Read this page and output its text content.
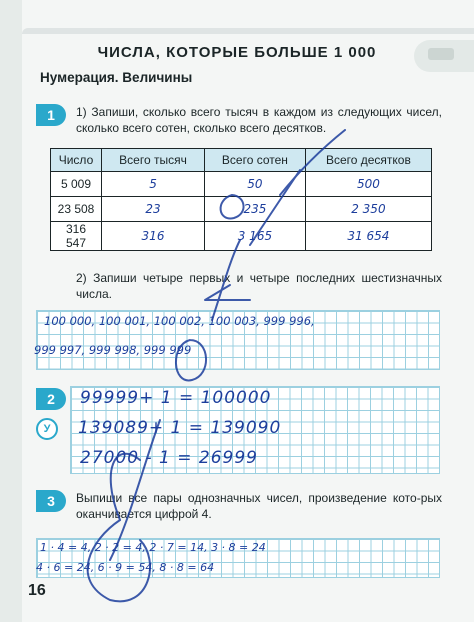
ЧИСЛА, КОТОРЫЕ БОЛЬШЕ 1 000
Нумерация. Величины
1	1) Запиши, сколько всего тысяч в каждом из следующих чисел, сколько всего сотен, сколько всего десятков.
Число	Всего тысяч	Всего сотен	Всего десятков
5 009	5	50	500
23 508	23	235	2 350
316 547	316	3 165	31 654
2) Запиши четыре первых и четыре последних шестизначных числа.
100 000, 100 001, 100 002, 100 003, 999 996,
999 997, 999 998, 999 999
2
У
99999+ 1 = 100000
139089+ 1 = 139090
27000 - 1 = 26999
3	Выпиши все пары однозначных чисел, произведение кото-рых оканчивается цифрой 4.
1 · 4 = 4, 2 · 2 = 4, 2 · 7 = 14, 3 · 8 = 24
4 · 6 = 24, 6 · 9 = 54, 8 · 8 = 64
16
